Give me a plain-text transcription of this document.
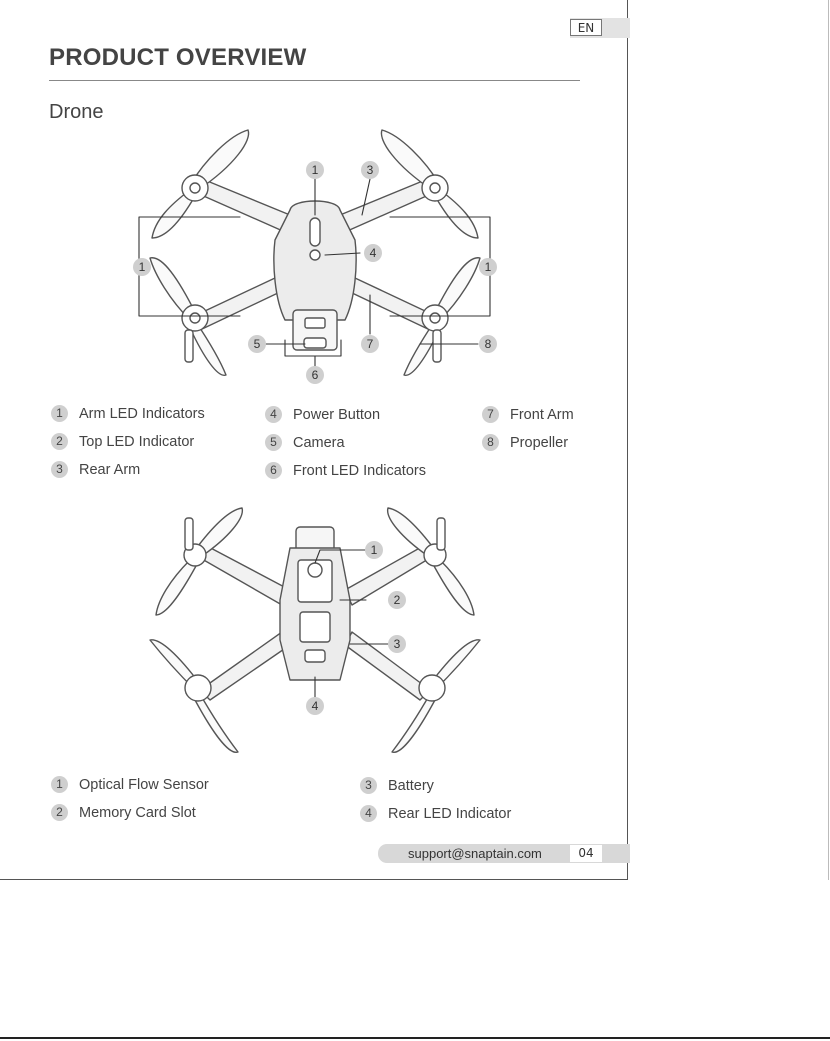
EN
PRODUCT OVERVIEW
Drone
1	3
4
1	1
5	7	8
6
1
2
3
4
1	Arm LED Indicators
2	Top LED Indicator
3	Rear Arm
4	Power Button
5	Camera
6	Front LED Indicators
7	Front Arm
8	Propeller
1	Optical Flow Sensor
2	Memory Card Slot
3	Battery
4	Rear LED Indicator
support@snaptain.com	04
